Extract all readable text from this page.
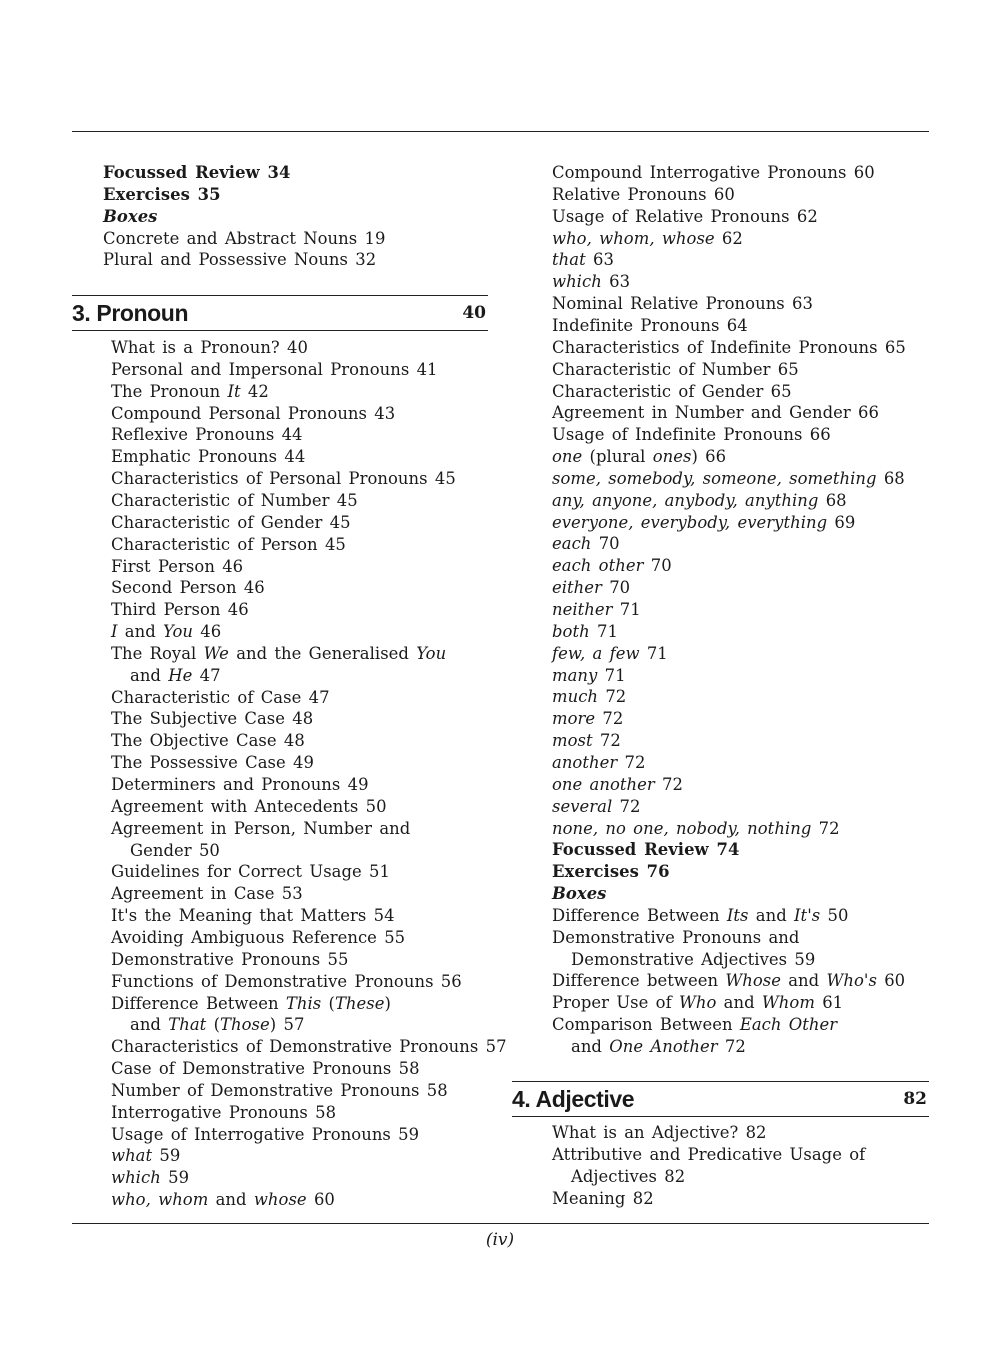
Focussed Review 34
Exercises 35
Boxes
Concrete and Abstract Nouns 19
Plural and Possessive Nouns 32
3. Pronoun	40
What is a Pronoun? 40
Personal and Impersonal Pronouns 41
The Pronoun It 42
Compound Personal Pronouns 43
Reflexive Pronouns 44
Emphatic Pronouns 44
Characteristics of Personal Pronouns 45
Characteristic of Number 45
Characteristic of Gender 45
Characteristic of Person 45
First Person 46
Second Person 46
Third Person 46
I and You 46
The Royal We and the Generalised You
and He 47
Characteristic of Case 47
The Subjective Case 48
The Objective Case 48
The Possessive Case 49
Determiners and Pronouns 49
Agreement with Antecedents 50
Agreement in Person, Number and
Gender 50
Guidelines for Correct Usage 51
Agreement in Case 53
It's the Meaning that Matters 54
Avoiding Ambiguous Reference 55
Demonstrative Pronouns 55
Functions of Demonstrative Pronouns 56
Difference Between This (These)
and That (Those) 57
Characteristics of Demonstrative Pronouns 57
Case of Demonstrative Pronouns 58
Number of Demonstrative Pronouns 58
Interrogative Pronouns 58
Usage of Interrogative Pronouns 59
what 59
which 59
who, whom and whose 60
Compound Interrogative Pronouns 60
Relative Pronouns 60
Usage of Relative Pronouns 62
who, whom, whose 62
that 63
which 63
Nominal Relative Pronouns 63
Indefinite Pronouns 64
Characteristics of Indefinite Pronouns 65
Characteristic of Number 65
Characteristic of Gender 65
Agreement in Number and Gender 66
Usage of Indefinite Pronouns 66
one (plural ones) 66
some, somebody, someone, something 68
any, anyone, anybody, anything 68
everyone, everybody, everything 69
each 70
each other 70
either 70
neither 71
both 71
few, a few 71
many 71
much 72
more 72
most 72
another 72
one another 72
several 72
none, no one, nobody, nothing 72
Focussed Review 74
Exercises 76
Boxes
Difference Between Its and It's 50
Demonstrative Pronouns and
Demonstrative Adjectives 59
Difference between Whose and Who's 60
Proper Use of Who and Whom 61
Comparison Between Each Other
and One Another 72
4. Adjective	82
What is an Adjective? 82
Attributive and Predicative Usage of
Adjectives 82
Meaning 82
(iv)
